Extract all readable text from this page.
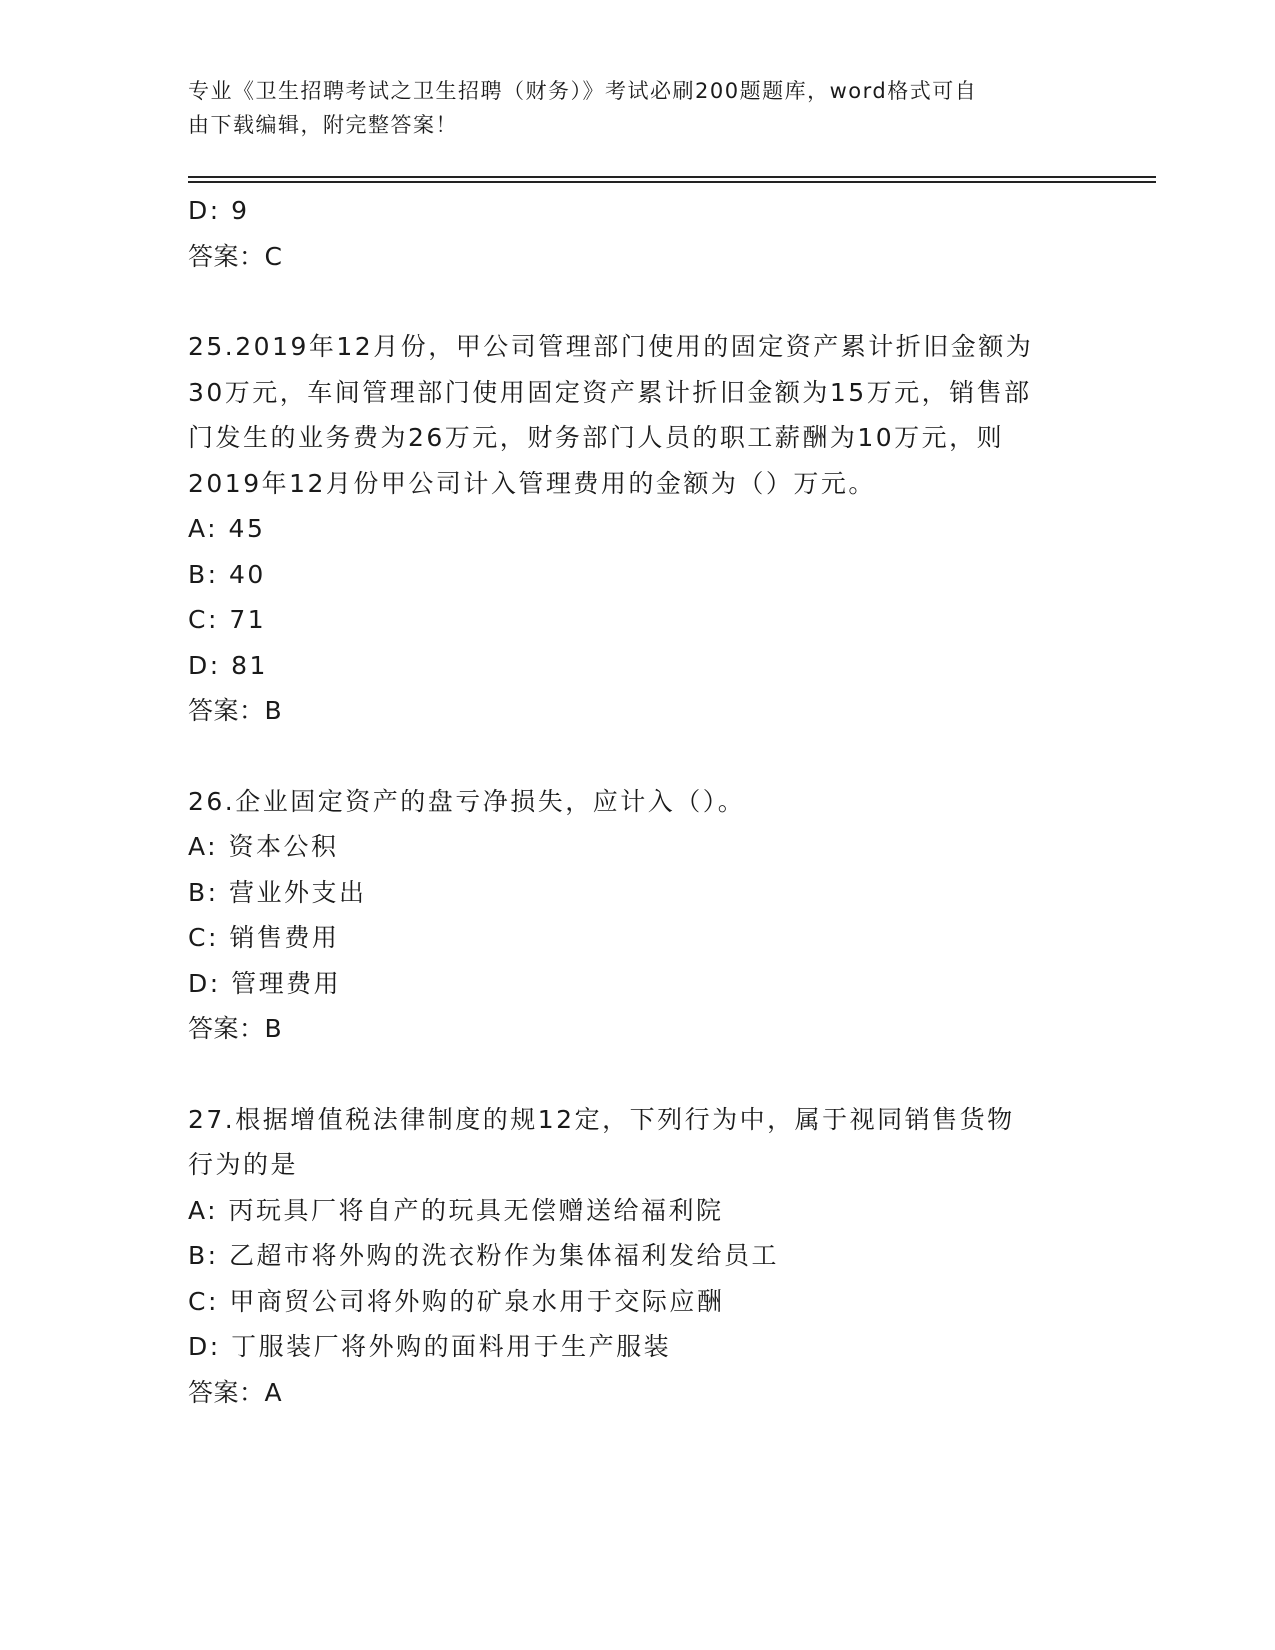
专业《卫生招聘考试之卫生招聘（财务）》考试必刷200题题库，word格式可自
由下载编辑，附完整答案！
D: 9
答案：C
25.2019年12月份，甲公司管理部门使用的固定资产累计折旧金额为
30万元，车间管理部门使用固定资产累计折旧金额为15万元，销售部
门发生的业务费为26万元，财务部门人员的职工薪酬为10万元，则
2019年12月份甲公司计入管理费用的金额为（）万元。
A: 45
B: 40
C: 71
D: 81
答案：B
26.企业固定资产的盘亏净损失，应计入（）。
A: 资本公积
B: 营业外支出
C: 销售费用
D: 管理费用
答案：B
27.根据增值税法律制度的规12定，下列行为中，属于视同销售货物
行为的是
A: 丙玩具厂将自产的玩具无偿赠送给福利院
B: 乙超市将外购的洗衣粉作为集体福利发给员工
C: 甲商贸公司将外购的矿泉水用于交际应酬
D: 丁服装厂将外购的面料用于生产服装
答案：A
